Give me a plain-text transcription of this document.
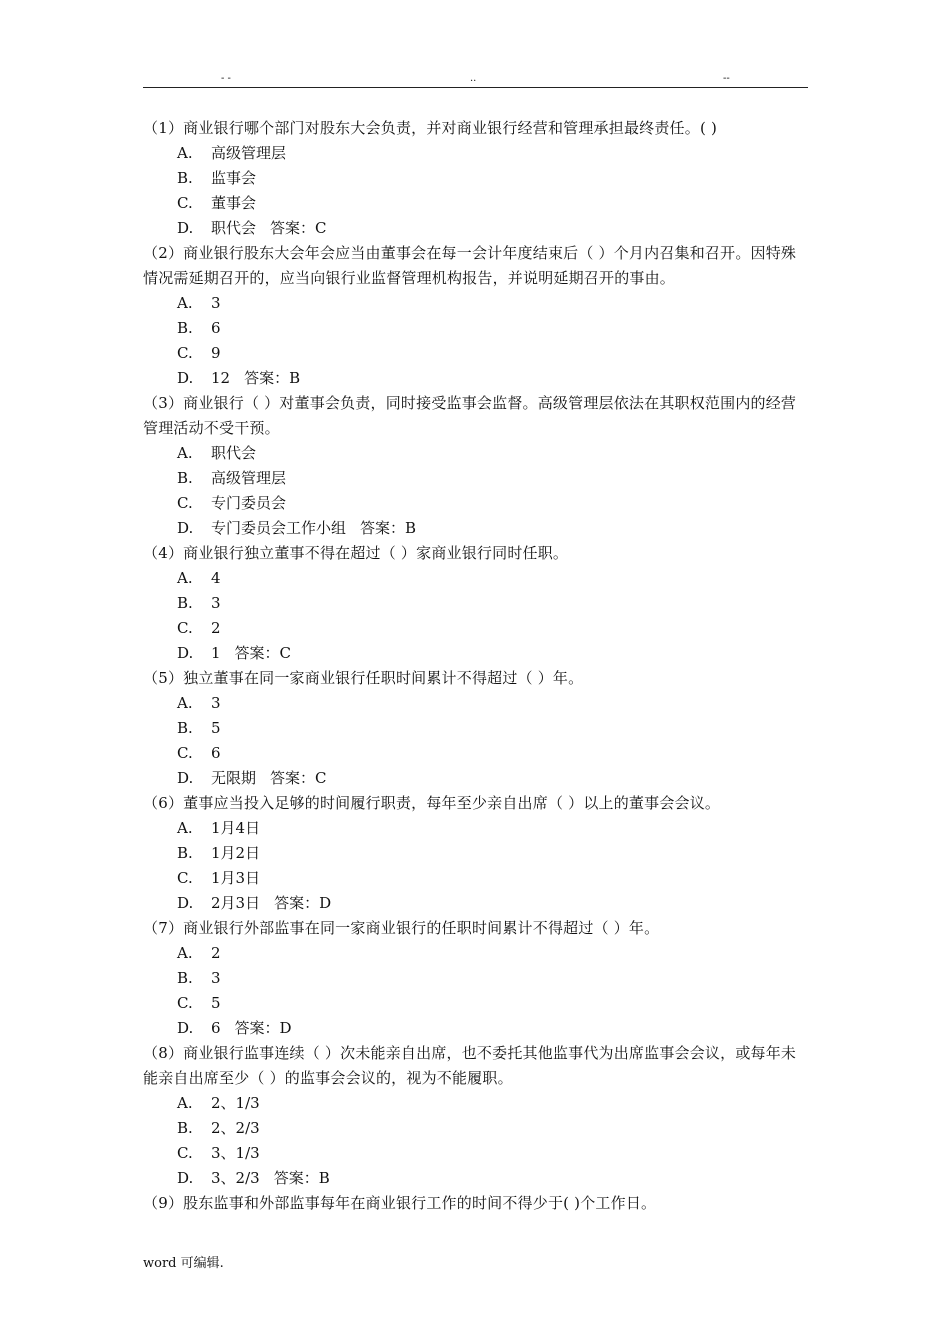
- -	..	--

（1）商业银行哪个部门对股东大会负责，并对商业银行经营和管理承担最终责任。( )

A. 高级管理层
B. 监事会
C. 董事会
D. 职代会 答案：C

（2）商业银行股东大会年会应当由董事会在每一会计年度结束后（ ）个月内召集和召开。因特殊情况需延期召开的，应当向银行业监督管理机构报告，并说明延期召开的事由。

A. 3
B. 6
C. 9
D. 12 答案：B

（3）商业银行（ ）对董事会负责，同时接受监事会监督。高级管理层依法在其职权范围内的经营管理活动不受干预。

A. 职代会
B. 高级管理层
C. 专门委员会
D. 专门委员会工作小组 答案：B

（4）商业银行独立董事不得在超过（ ）家商业银行同时任职。

A. 4
B. 3
C. 2
D. 1 答案：C

（5）独立董事在同一家商业银行任职时间累计不得超过（ ）年。

A. 3
B. 5
C. 6
D. 无限期 答案：C

（6）董事应当投入足够的时间履行职责，每年至少亲自出席（ ）以上的董事会会议。

A. 1月4日
B. 1月2日
C. 1月3日
D. 2月3日 答案：D

（7）商业银行外部监事在同一家商业银行的任职时间累计不得超过（ ）年。

A. 2
B. 3
C. 5
D. 6 答案：D

（8）商业银行监事连续（ ）次未能亲自出席，也不委托其他监事代为出席监事会会议，或每年未能亲自出席至少（ ）的监事会会议的，视为不能履职。

A. 2、1/3
B. 2、2/3
C. 3、1/3
D. 3、2/3 答案：B

（9）股东监事和外部监事每年在商业银行工作的时间不得少于( )个工作日。

word 可编辑.
